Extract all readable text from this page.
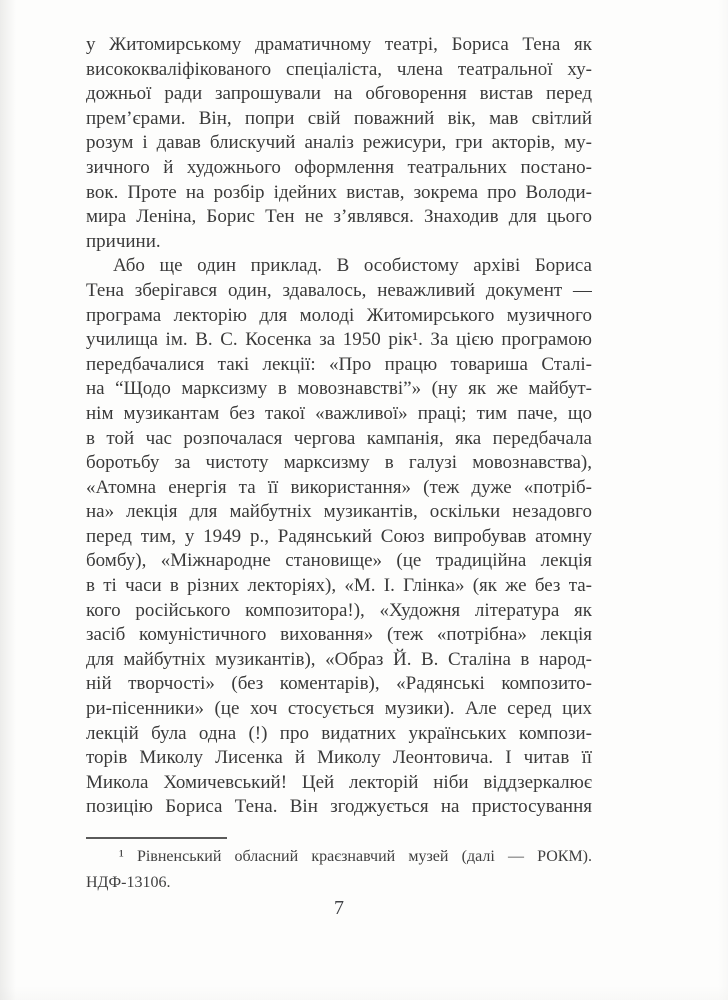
у Житомирському драматичному театрі, Бориса Тена як
висококваліфікованого спеціаліста, члена театральної ху-
дожньої ради запрошували на обговорення вистав перед
прем’єрами. Він, попри свій поважний вік, мав світлий
розум і давав блискучий аналіз режисури, гри акторів, му-
зичного й художнього оформлення театральних постано-
вок. Проте на розбір ідейних вистав, зокрема про Володи-
мира Леніна, Борис Тен не з’являвся. Знаходив для цього
причини.
Або ще один приклад. В особистому архіві Бориса
Тена зберігався один, здавалось, неважливий документ —
програма лекторію для молоді Житомирського музичного
училища ім. В. С. Косенка за 1950 рік¹. За цією програмою
передбачалися такі лекції: «Про працю товариша Сталі-
на “Щодо марксизму в мовознавстві”» (ну як же майбут-
нім музикантам без такої «важливої» праці; тим паче, що
в той час розпочалася чергова кампанія, яка передбачала
боротьбу за чистоту марксизму в галузі мовознавства),
«Атомна енергія та її використання» (теж дуже «потріб-
на» лекція для майбутніх музикантів, оскільки незадовго
перед тим, у 1949 р., Радянський Союз випробував атомну
бомбу), «Міжнародне становище» (це традиційна лекція
в ті часи в різних лекторіях), «М. І. Глінка» (як же без та-
кого російського композитора!), «Художня література як
засіб комуністичного виховання» (теж «потрібна» лекція
для майбутніх музикантів), «Образ Й. В. Сталіна в народ-
ній творчості» (без коментарів), «Радянські композито-
ри-пісенники» (це хоч стосується музики). Але серед цих
лекцій була одна (!) про видатних українських компози-
торів Миколу Лисенка й Миколу Леонтовича. І читав її
Микола Хомичевський! Цей лекторій ніби віддзеркалює
позицію Бориса Тена. Він згоджується на пристосування
¹ Рівненський обласний краєзнавчий музей (далі — РОКМ).
НДФ-13106.
7
